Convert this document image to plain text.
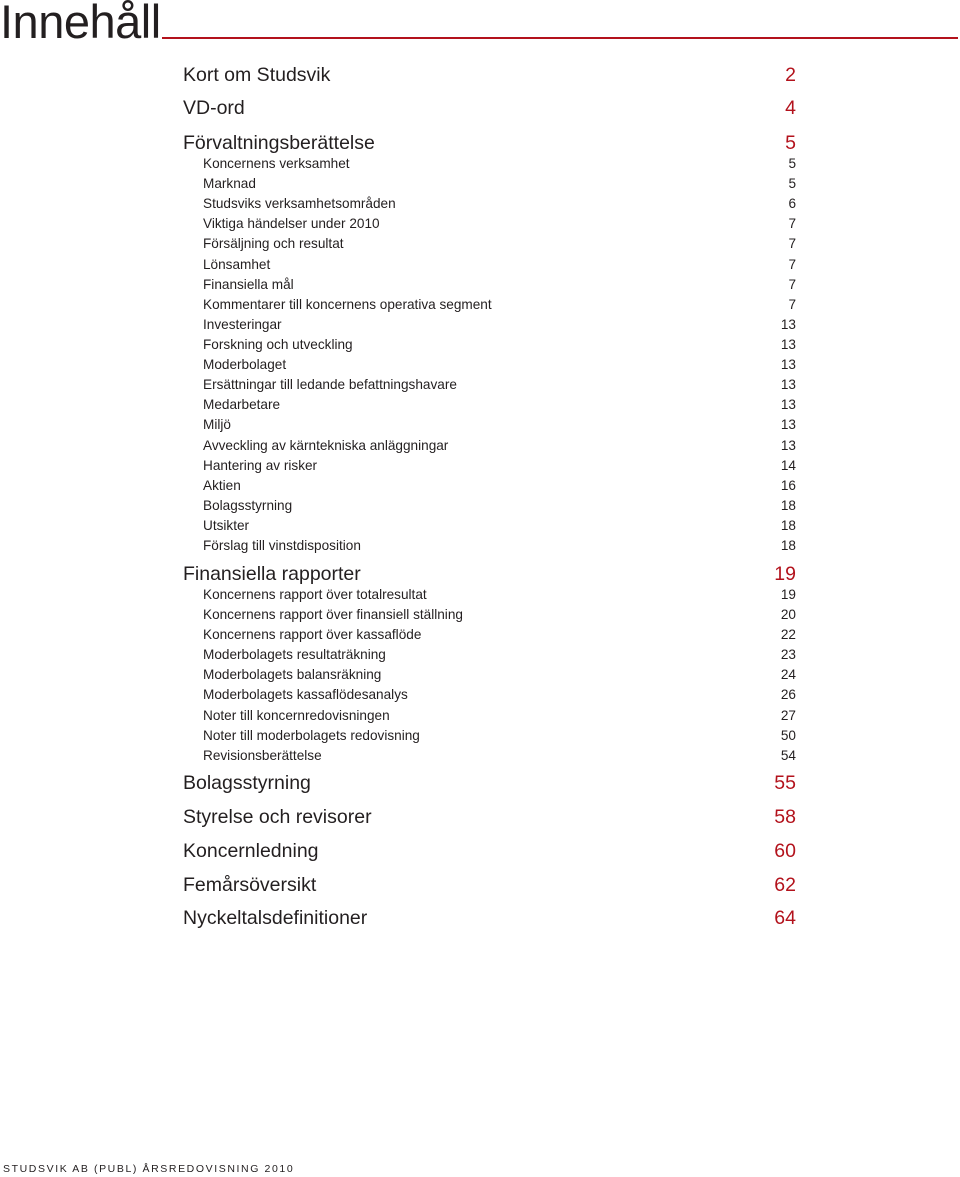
Innehåll
Kort om Studsvik	2
VD-ord	4
Förvaltningsberättelse	5
Koncernens verksamhet	5
Marknad	5
Studsviks verksamhetsområden	6
Viktiga händelser under 2010	7
Försäljning och resultat	7
Lönsamhet	7
Finansiella mål	7
Kommentarer till koncernens operativa segment	7
Investeringar	13
Forskning och utveckling	13
Moderbolaget	13
Ersättningar till ledande befattningshavare	13
Medarbetare	13
Miljö	13
Avveckling av kärntekniska anläggningar	13
Hantering av risker	14
Aktien	16
Bolagsstyrning	18
Utsikter	18
Förslag till vinstdisposition	18
Finansiella rapporter	19
Koncernens rapport över totalresultat	19
Koncernens rapport över finansiell ställning	20
Koncernens rapport över kassaflöde	22
Moderbolagets resultaträkning	23
Moderbolagets balansräkning	24
Moderbolagets kassaflödesanalys	26
Noter till koncernredovisningen	27
Noter till moderbolagets redovisning	50
Revisionsberättelse	54
Bolagsstyrning	55
Styrelse och revisorer	58
Koncernledning	60
Femårsöversikt	62
Nyckeltalsdefinitioner	64
STUDSVIK AB (PUBL) ÅRSREDOVISNING 2010
